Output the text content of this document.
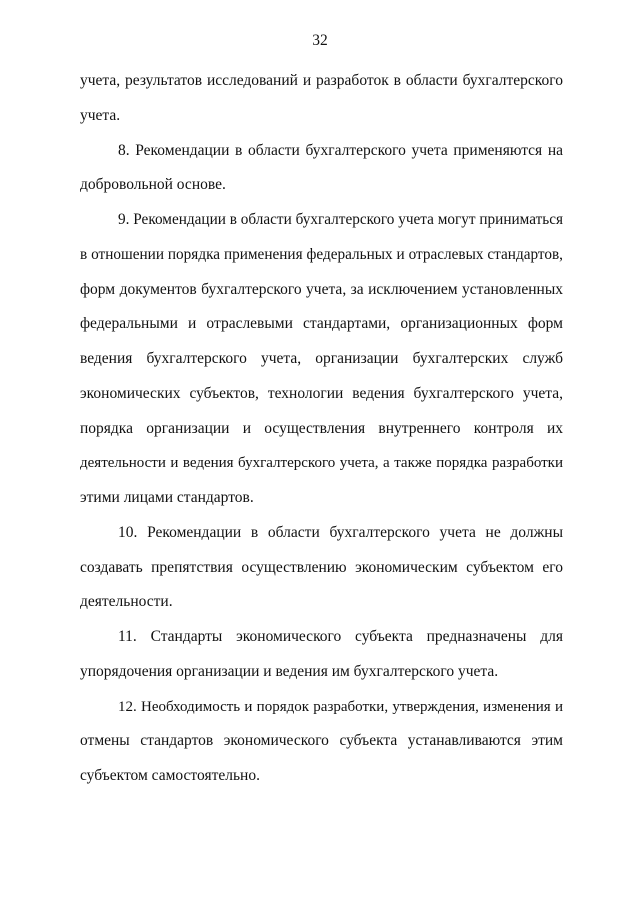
32
учета, результатов исследований и разработок в области бухгалтерского
учета.
8. Рекомендации в области бухгалтерского учета применяются на
добровольной основе.
9. Рекомендации в области бухгалтерского учета могут приниматься
в отношении порядка применения федеральных и отраслевых стандартов,
форм документов бухгалтерского учета, за исключением установленных
федеральными и отраслевыми стандартами, организационных форм
ведения бухгалтерского учета, организации бухгалтерских служб
экономических субъектов, технологии ведения бухгалтерского учета,
порядка организации и осуществления внутреннего контроля их
деятельности и ведения бухгалтерского учета, а также порядка разработки
этими лицами стандартов.
10. Рекомендации в области бухгалтерского учета не должны
создавать препятствия осуществлению экономическим субъектом его
деятельности.
11. Стандарты экономического субъекта предназначены для
упорядочения организации и ведения им бухгалтерского учета.
12. Необходимость и порядок разработки, утверждения, изменения и
отмены стандартов экономического субъекта устанавливаются этим
субъектом самостоятельно.
